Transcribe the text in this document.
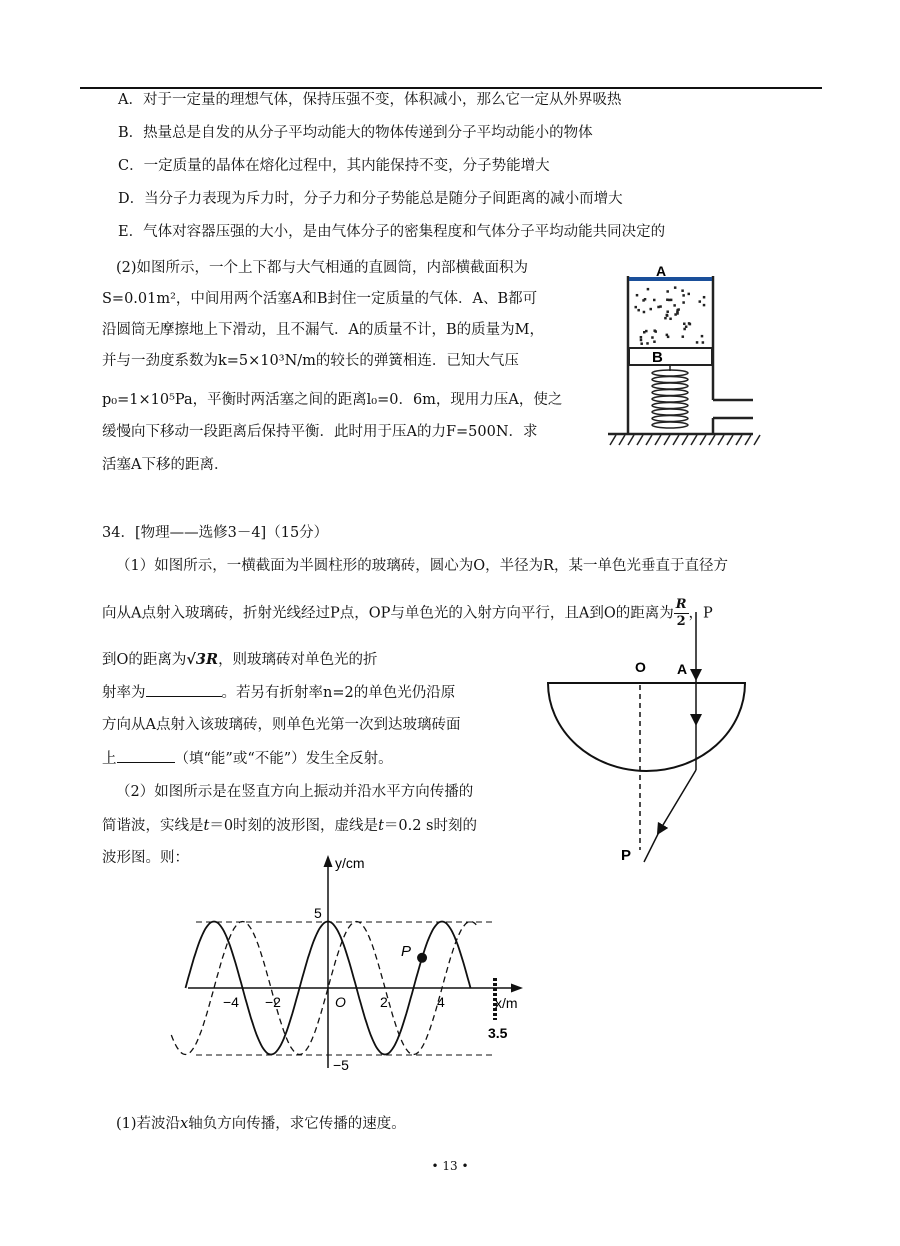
A．对于一定量的理想气体，保持压强不变，体积减小，那么它一定从外界吸热
B．热量总是自发的从分子平均动能大的物体传递到分子平均动能小的物体
C．一定质量的晶体在熔化过程中，其内能保持不变，分子势能增大
D．当分子力表现为斥力时，分子力和分子势能总是随分子间距离的减小而增大
E．气体对容器压强的大小，是由气体分子的密集程度和气体分子平均动能共同决定的
(2)如图所示，一个上下都与大气相通的直圆筒，内部横截面积为
S=0.01m²，中间用两个活塞A和B封住一定质量的气体．A、B都可
沿圆筒无摩擦地上下滑动，且不漏气．A的质量不计，B的质量为M，
并与一劲度系数为k=5×10³N/m的较长的弹簧相连．已知大气压
p₀=1×10⁵Pa，平衡时两活塞之间的距离l₀=0．6m，现用力压A，使之
缓慢向下移动一段距离后保持平衡．此时用于压A的力F=500N．求
活塞A下移的距离．
A
B
34．[物理——选修3－4]（15分）
（1）如图所示，一横截面为半圆柱形的玻璃砖，圆心为O，半径为R，某一单色光垂直于直径方
向从A点射入玻璃砖，折射光线经过P点，OP与单色光的入射方向平行，且A到O的距离为 $\frac{R}{2}$ ，P
到O的距离为√3R，则玻璃砖对单色光的折
射率为	。若另有折射率n=2的单色光仍沿原
方向从A点射入该玻璃砖，则单色光第一次到达玻璃砖面
上	（填“能”或“不能”）发生全反射。
（2）如图所示是在竖直方向上振动并沿水平方向传播的
简谐波，实线是t＝0时刻的波形图，虚线是t＝0.2 s时刻的
波形图。则：
O A
P
y/cm
x/m
5
−5
O
−4 −2	2	4
P
3.5
(1)若波沿x轴负方向传播，求它传播的速度。
• 13 •
